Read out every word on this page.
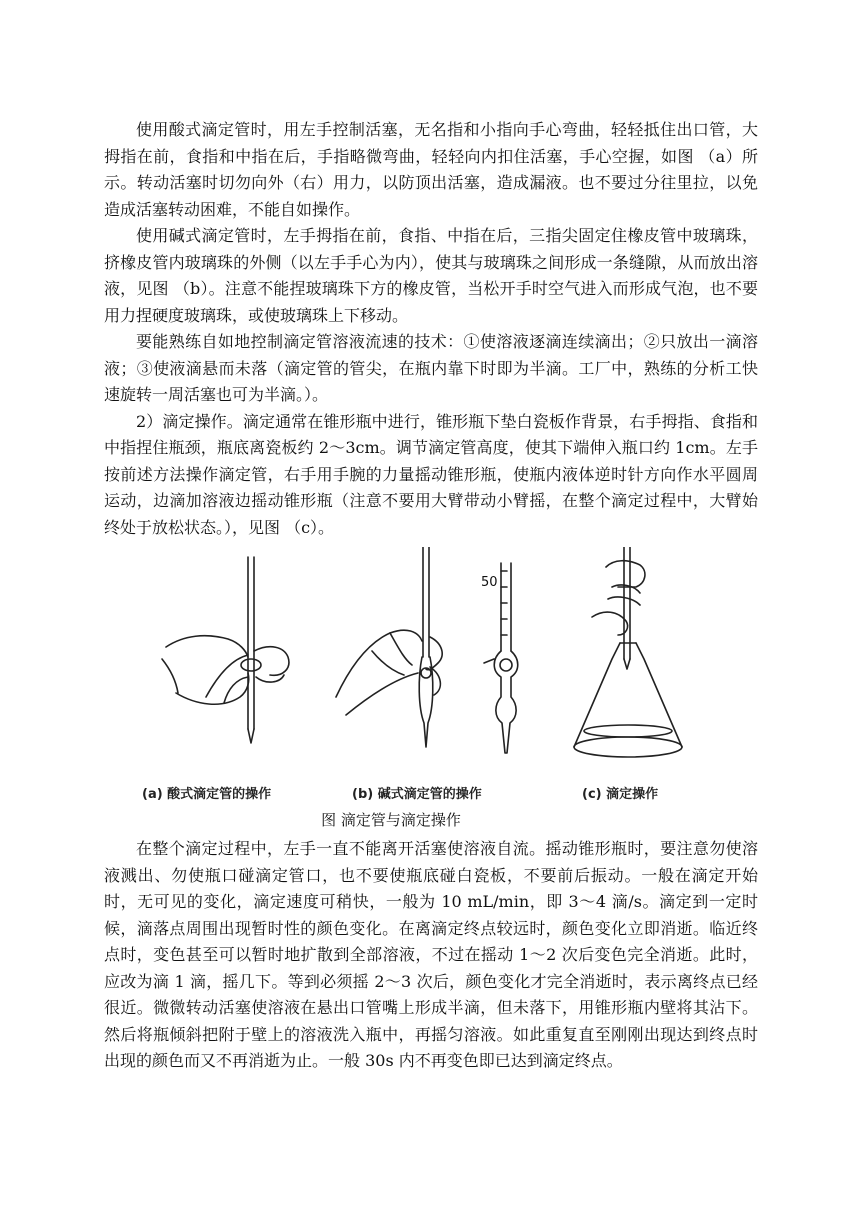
使用酸式滴定管时，用左手控制活塞，无名指和小指向手心弯曲，轻轻抵住出口管，大拇指在前，食指和中指在后，手指略微弯曲，轻轻向内扣住活塞，手心空握，如图 （a）所示。转动活塞时切勿向外（右）用力，以防顶出活塞，造成漏液。也不要过分往里拉，以免造成活塞转动困难，不能自如操作。

使用碱式滴定管时，左手拇指在前，食指、中指在后，三指尖固定住橡皮管中玻璃珠，挤橡皮管内玻璃珠的外侧（以左手手心为内），使其与玻璃珠之间形成一条缝隙，从而放出溶液，见图 （b）。注意不能捏玻璃珠下方的橡皮管，当松开手时空气进入而形成气泡，也不要用力捏硬度玻璃珠，或使玻璃珠上下移动。

要能熟练自如地控制滴定管溶液流速的技术：①使溶液逐滴连续滴出；②只放出一滴溶液；③使液滴悬而未落（滴定管的管尖，在瓶内靠下时即为半滴。工厂中，熟练的分析工快速旋转一周活塞也可为半滴。）。

2）滴定操作。滴定通常在锥形瓶中进行，锥形瓶下垫白瓷板作背景，右手拇指、食指和中指捏住瓶颈，瓶底离瓷板约 2～3cm。调节滴定管高度，使其下端伸入瓶口约 1cm。左手按前述方法操作滴定管，右手用手腕的力量摇动锥形瓶，使瓶内液体逆时针方向作水平圆周运动，边滴加溶液边摇动锥形瓶（注意不要用大臂带动小臂摇，在整个滴定过程中，大臂始终处于放松状态。），见图 （c）。

50
(a) 酸式滴定管的操作	(b) 碱式滴定管的操作	(c) 滴定操作
图 滴定管与滴定操作

在整个滴定过程中，左手一直不能离开活塞使溶液自流。摇动锥形瓶时，要注意勿使溶液溅出、勿使瓶口碰滴定管口，也不要使瓶底碰白瓷板，不要前后振动。一般在滴定开始时，无可见的变化，滴定速度可稍快，一般为 10 mL/min，即 3～4 滴/s。滴定到一定时候，滴落点周围出现暂时性的颜色变化。在离滴定终点较远时，颜色变化立即消逝。临近终点时，变色甚至可以暂时地扩散到全部溶液，不过在摇动 1～2 次后变色完全消逝。此时，应改为滴 1 滴，摇几下。等到必须摇 2～3 次后，颜色变化才完全消逝时，表示离终点已经很近。微微转动活塞使溶液在悬出口管嘴上形成半滴，但未落下，用锥形瓶内壁将其沾下。然后将瓶倾斜把附于壁上的溶液洗入瓶中，再摇匀溶液。如此重复直至刚刚出现达到终点时出现的颜色而又不再消逝为止。一般 30s 内不再变色即已达到滴定终点。
